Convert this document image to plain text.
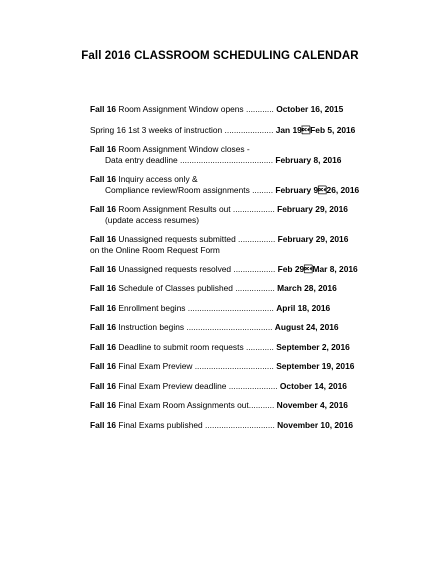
Fall 2016 CLASSROOM SCHEDULING CALENDAR
Fall 16 Room Assignment Window opens ............ October 16, 2015
Spring 16 1st 3 weeks of instruction ..................... Jan 19Feb 5, 2016
Fall 16 Room Assignment Window closes -
Data entry deadline ........................................ February 8, 2016
Fall 16 Inquiry access only &
Compliance review/Room assignments ......... February 926, 2016
Fall 16 Room Assignment Results out .................. February 29, 2016
(update access resumes)
Fall 16 Unassigned requests submitted ................ February 29, 2016
on the Online Room Request Form
Fall 16 Unassigned requests resolved .................. Feb 29Mar 8, 2016
Fall 16 Schedule of Classes published ................. March 28, 2016
Fall 16 Enrollment begins ..................................... April 18, 2016
Fall 16 Instruction begins ..................................... August 24, 2016
Fall 16 Deadline to submit room requests ............ September 2, 2016
Fall 16 Final Exam Preview .................................. September 19, 2016
Fall 16 Final Exam Preview deadline ..................... October 14, 2016
Fall 16 Final Exam Room Assignments out........... November 4, 2016
Fall 16 Final Exams published .............................. November 10, 2016
